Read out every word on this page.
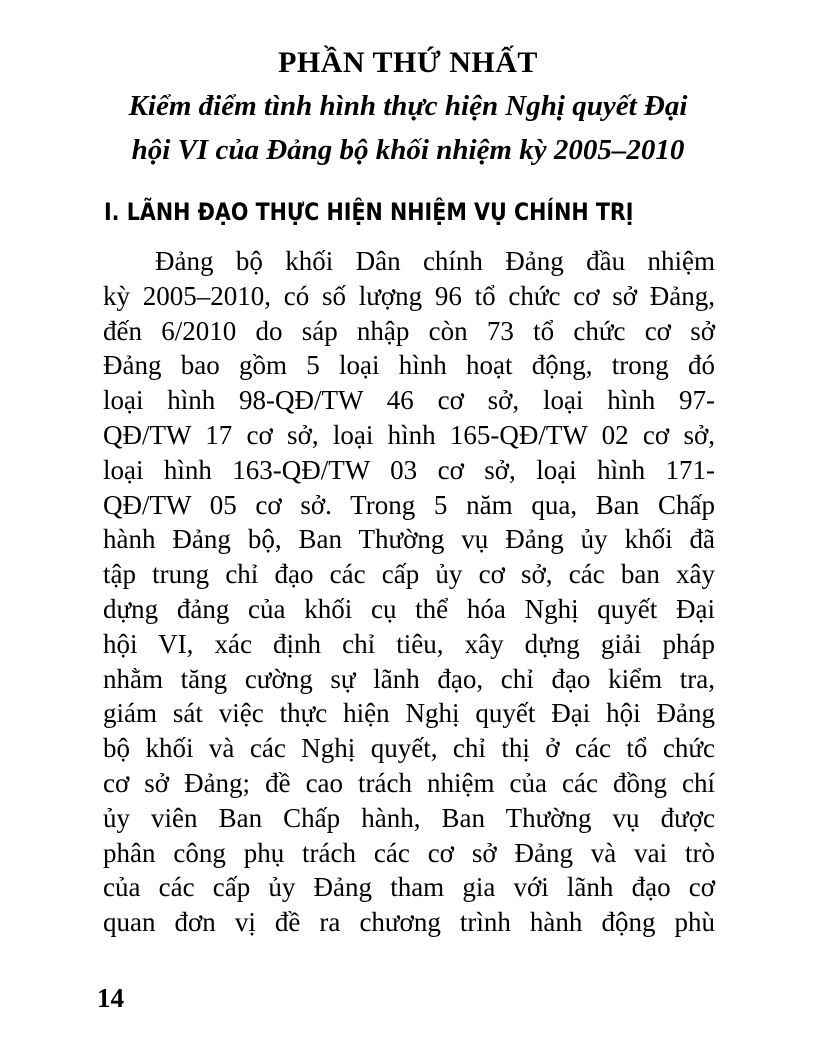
PHẦN THỨ NHẤT
Kiểm điểm tình hình thực hiện Nghị quyết Đại
hội VI của Đảng bộ khối nhiệm kỳ 2005–2010
I. LÃNH ĐẠO THỰC HIỆN NHIỆM VỤ CHÍNH TRỊ
Đảng bộ khối Dân chính Đảng đầu nhiệm
kỳ 2005–2010, có số lượng 96 tổ chức cơ sở Đảng,
đến 6/2010 do sáp nhập còn 73 tổ chức cơ sở
Đảng bao gồm 5 loại hình hoạt động, trong đó
loại hình 98-QĐ/TW 46 cơ sở, loại hình 97-
QĐ/TW 17 cơ sở, loại hình 165-QĐ/TW 02 cơ sở,
loại hình 163-QĐ/TW 03 cơ sở, loại hình 171-
QĐ/TW 05 cơ sở. Trong 5 năm qua, Ban Chấp
hành Đảng bộ, Ban Thường vụ Đảng ủy khối đã
tập trung chỉ đạo các cấp ủy cơ sở, các ban xây
dựng đảng của khối cụ thể hóa Nghị quyết Đại
hội VI, xác định chỉ tiêu, xây dựng giải pháp
nhằm tăng cường sự lãnh đạo, chỉ đạo kiểm tra,
giám sát việc thực hiện Nghị quyết Đại hội Đảng
bộ khối và các Nghị quyết, chỉ thị ở các tổ chức
cơ sở Đảng; đề cao trách nhiệm của các đồng chí
ủy viên Ban Chấp hành, Ban Thường vụ được
phân công phụ trách các cơ sở Đảng và vai trò
của các cấp ủy Đảng tham gia với lãnh đạo cơ
quan đơn vị đề ra chương trình hành động phù
14
